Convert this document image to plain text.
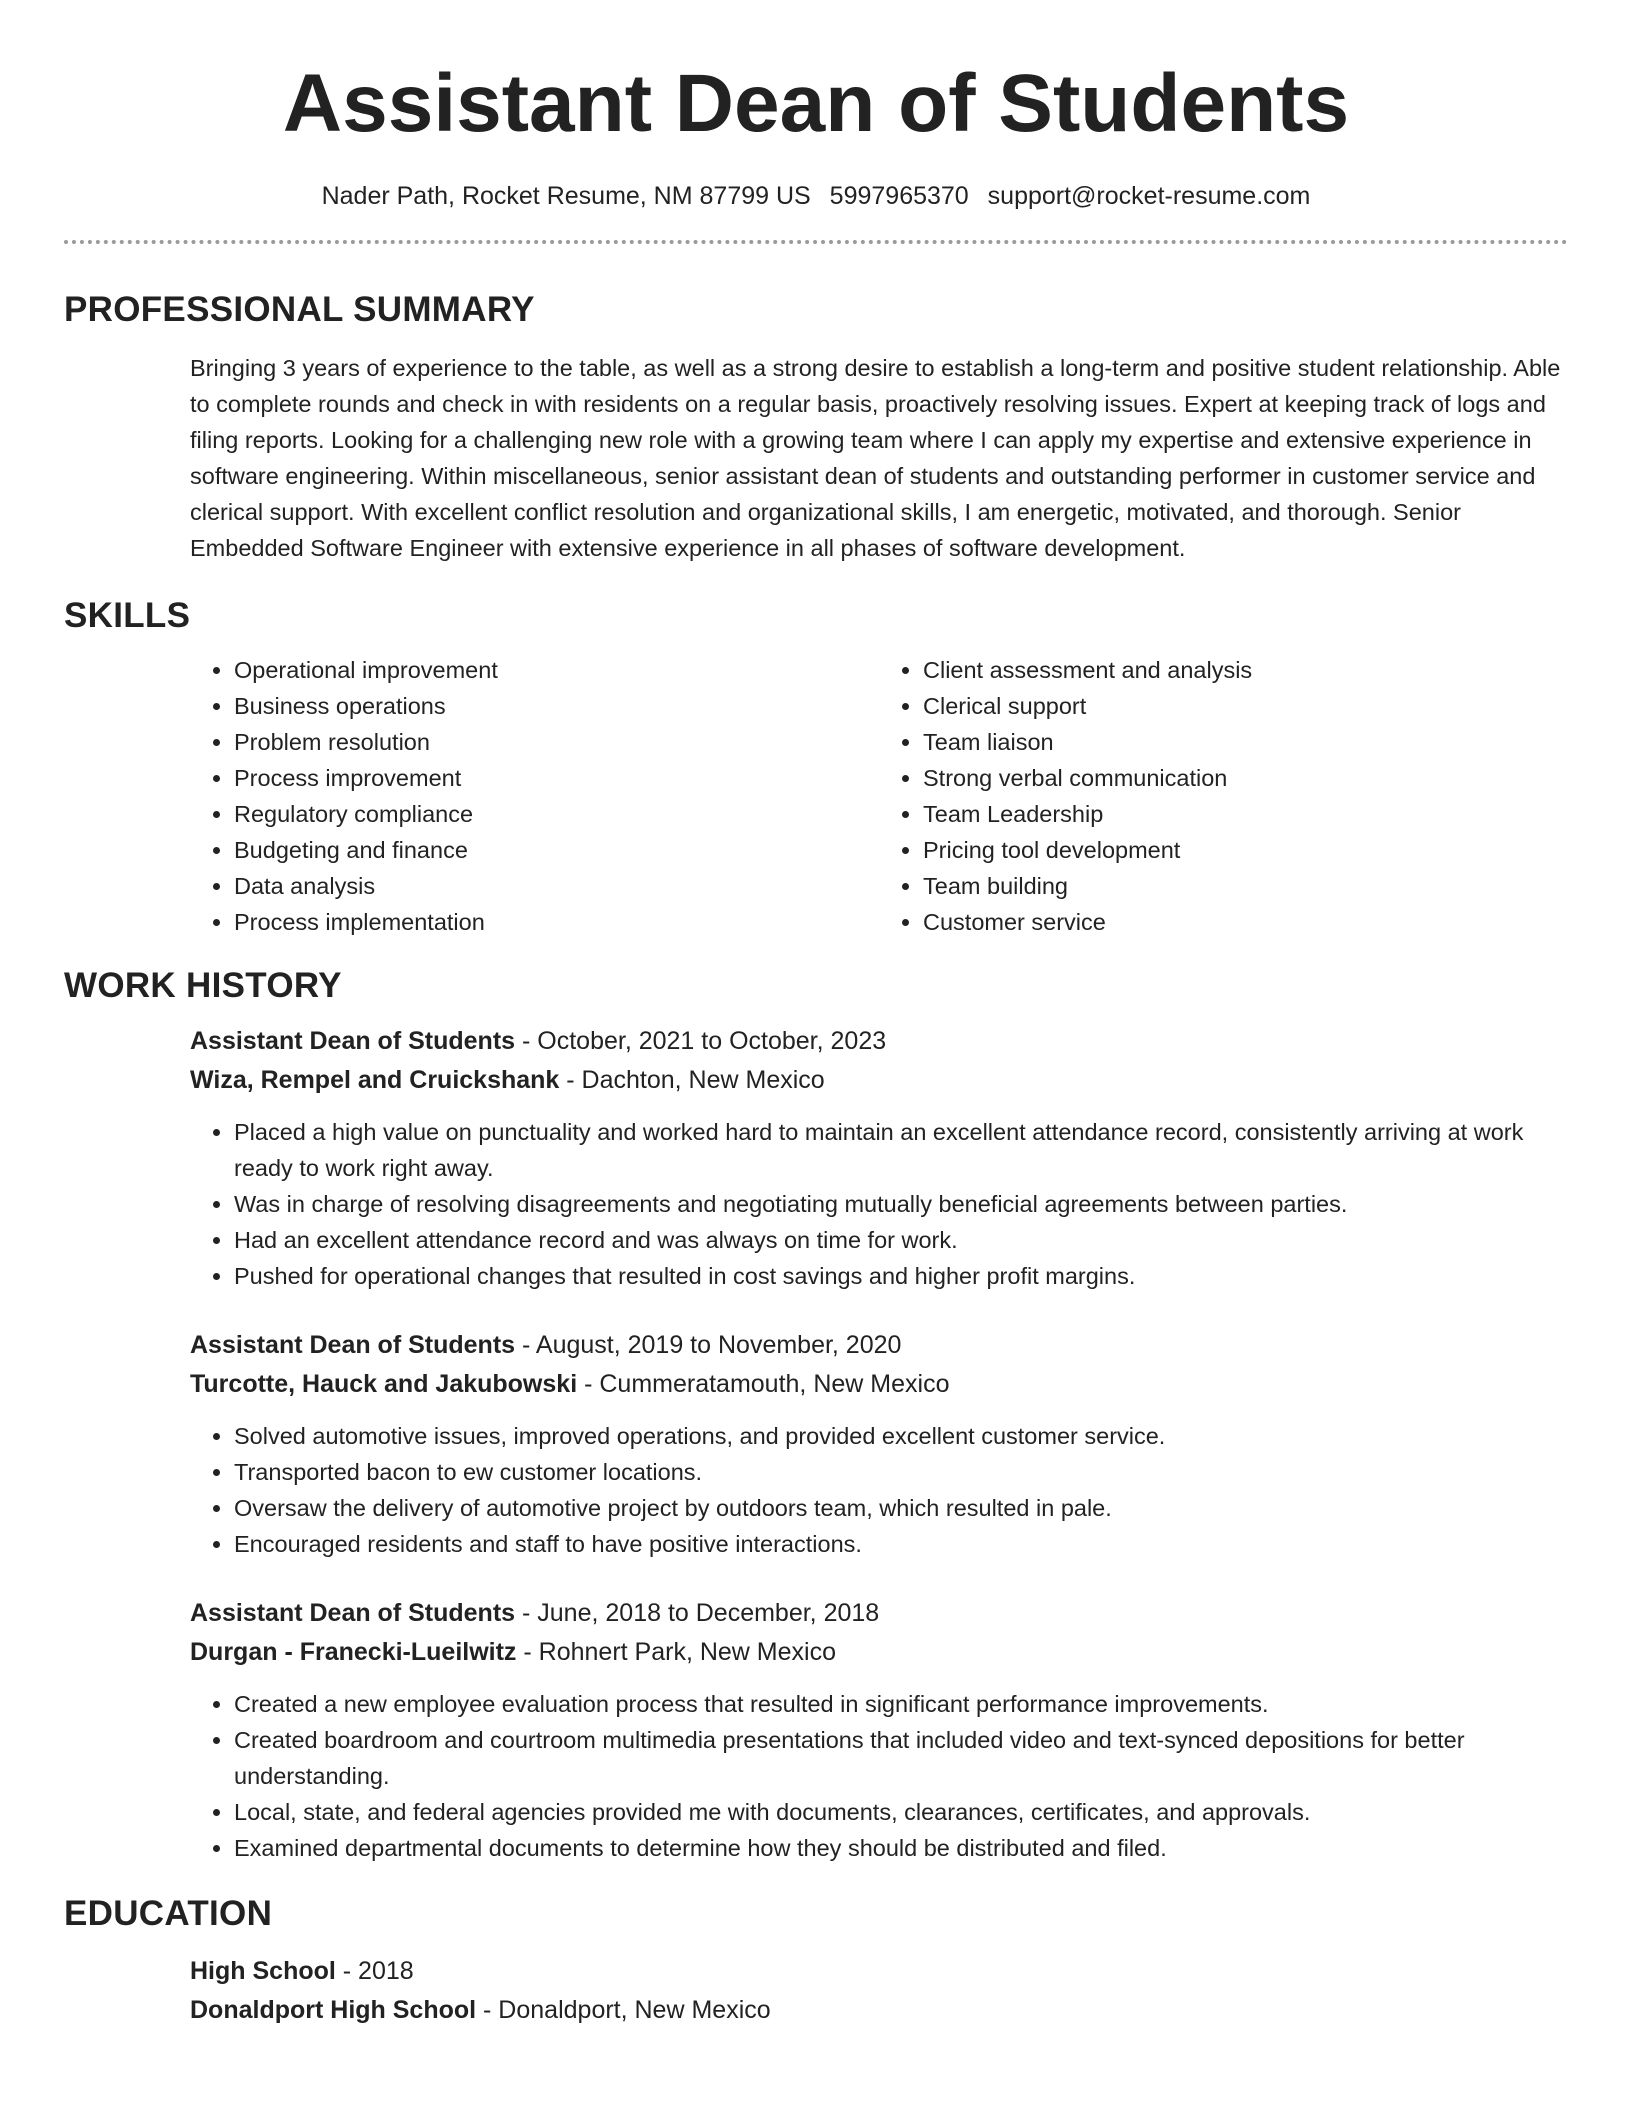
Assistant Dean of Students
Nader Path, Rocket Resume, NM 87799 US 5997965370 support@rocket-resume.com
PROFESSIONAL SUMMARY

Bringing 3 years of experience to the table, as well as a strong desire to establish a long-term and positive student relationship. Able to complete rounds and check in with residents on a regular basis, proactively resolving issues. Expert at keeping track of logs and filing reports. Looking for a challenging new role with a growing team where I can apply my expertise and extensive experience in software engineering. Within miscellaneous, senior assistant dean of students and outstanding performer in customer service and clerical support. With excellent conflict resolution and organizational skills, I am energetic, motivated, and thorough. Senior Embedded Software Engineer with extensive experience in all phases of software development.

SKILLS
• Operational improvement
• Business operations
• Problem resolution
• Process improvement
• Regulatory compliance
• Budgeting and finance
• Data analysis
• Process implementation
• Client assessment and analysis
• Clerical support
• Team liaison
• Strong verbal communication
• Team Leadership
• Pricing tool development
• Team building
• Customer service
WORK HISTORY
Assistant Dean of Students - October, 2021 to October, 2023
Wiza, Rempel and Cruickshank - Dachton, New Mexico
• Placed a high value on punctuality and worked hard to maintain an excellent attendance record, consistently arriving at work ready to work right away.
• Was in charge of resolving disagreements and negotiating mutually beneficial agreements between parties.
• Had an excellent attendance record and was always on time for work.
• Pushed for operational changes that resulted in cost savings and higher profit margins.
Assistant Dean of Students - August, 2019 to November, 2020
Turcotte, Hauck and Jakubowski - Cummeratamouth, New Mexico
• Solved automotive issues, improved operations, and provided excellent customer service.
• Transported bacon to ew customer locations.
• Oversaw the delivery of automotive project by outdoors team, which resulted in pale.
• Encouraged residents and staff to have positive interactions.
Assistant Dean of Students - June, 2018 to December, 2018
Durgan - Franecki-Lueilwitz - Rohnert Park, New Mexico
• Created a new employee evaluation process that resulted in significant performance improvements.
• Created boardroom and courtroom multimedia presentations that included video and text-synced depositions for better understanding.
• Local, state, and federal agencies provided me with documents, clearances, certificates, and approvals.
• Examined departmental documents to determine how they should be distributed and filed.
EDUCATION
High School - 2018
Donaldport High School - Donaldport, New Mexico
